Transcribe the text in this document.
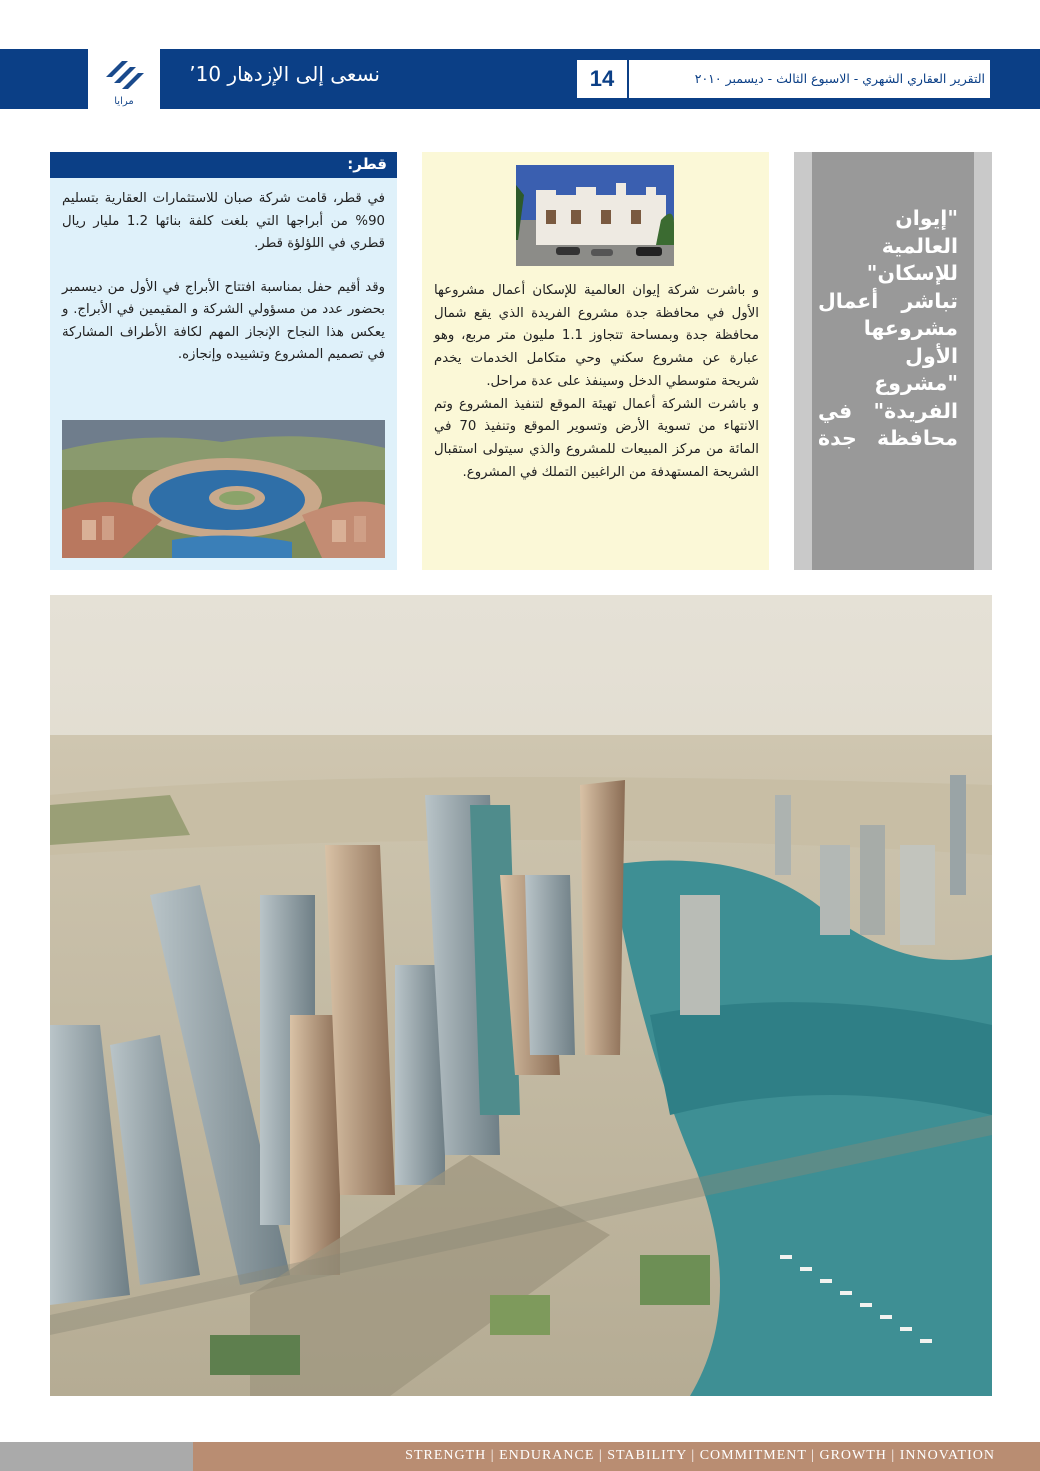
مرايا
نسعى إلى الإزدهار 10’	14	التقرير العقاري الشهري - الاسبوع الثالث - ديسمبر ٢٠١٠
قطر:

في قطر، قامت شركة صبان للاستثمارات العقارية بتسليم 90% من أبراجها التي بلغت كلفة بنائها 1.2 مليار ريال قطري في اللؤلؤة قطر.

وقد أقيم حفل بمناسبة افتتاح الأبراج في الأول من ديسمبر بحضور عدد من مسؤولي الشركة و المقيمين في الأبراج. و يعكس هذا النجاح الإنجاز المهم لكافة الأطراف المشاركة في تصميم المشروع وتشييده وإنجازه.

و باشرت شركة إيوان العالمية للإسكان أعمال مشروعها الأول في محافظة جدة مشروع الفريدة الذي يقع شمال محافظة جدة وبمساحة تتجاوز 1.1 مليون متر مربع، وهو عبارة عن مشروع سكني وحي متكامل الخدمات يخدم شريحة متوسطي الدخل وسينفذ على عدة مراحل.

و باشرت الشركة أعمال تهيئة الموقع لتنفيذ المشروع وتم الانتهاء من تسوية الأرض وتسوير الموقع وتنفيذ 70 في المائة من مركز المبيعات للمشروع والذي سيتولى استقبال الشريحة المستهدفة من الراغبين التملك في المشروع.

"إيوان العالمية للإسكان" تباشر أعمال مشروعها الأول "مشروع الفريدة" في محافظة جدة
STRENGTH | ENDURANCE | STABILITY | COMMITMENT | GROWTH | INNOVATION
